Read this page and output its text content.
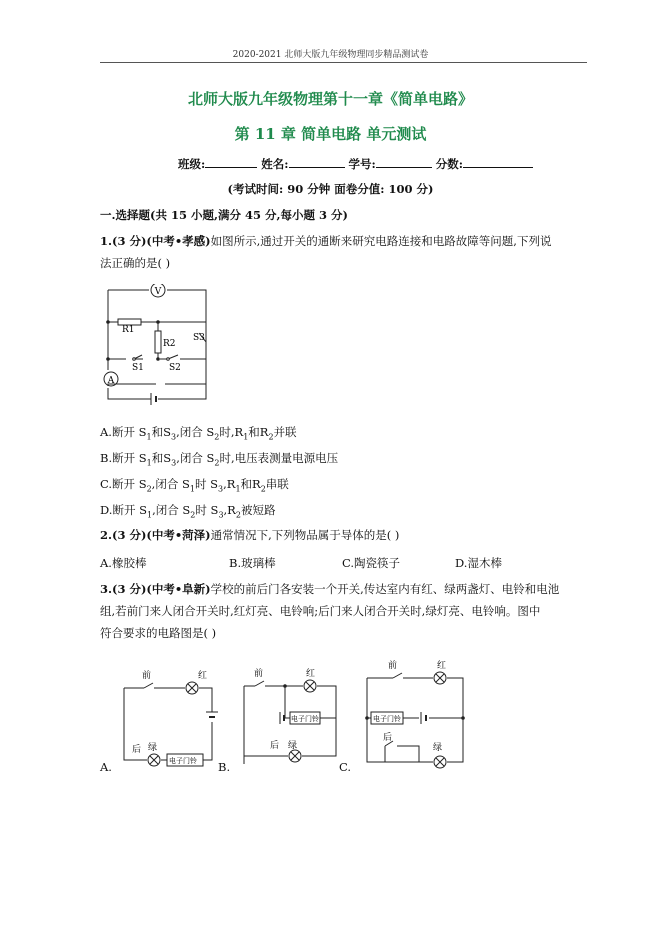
2020-2021 北师大版九年级物理同步精品测试卷
北师大版九年级物理第十一章《简单电路》
第 11 章 简单电路 单元测试
班级:	姓名:	学号:	分数:
(考试时间: 90 分钟 面卷分值: 100 分)
一.选择题(共 15 小题,满分 45 分,每小题 3 分)
1.(3 分)(中考•孝感)如图所示,通过开关的通断来研究电路连接和电路故障等问题,下列说
法正确的是( )
V
A
R1
R2
S3
S1	S2
A.断开 $S_1$和$S_3$,闭合 $S_2$时$,R_1$和$R_2$并联
B.断开 $S_1$和$S_3$,闭合 $S_2$时,电压表测量电源电压
C.断开 $S_2$,闭合 $S_1$时 $S_3,R_1$和$R_2$串联
D.断开 $S_1$,闭合 $S_2$时 $S_3,R_2$被短路
2.(3 分)(中考•菏泽)通常情况下,下列物品属于导体的是( )
A.橡胶棒	B.玻璃棒	C.陶瓷筷子	D.湿木棒
3.(3 分)(中考•阜新)学校的前后门各安装一个开关,传达室内有红、绿两盏灯、电铃和电池
组,若前门来人闭合开关时,红灯亮、电铃响;后门来人闭合开关时,绿灯亮、电铃响。图中
符合要求的电路图是( )
前	红
后 绿
电子门铃
前	红
后 绿
电子门铃
前	红
后
绿
电子门铃
A.	B.	C.
